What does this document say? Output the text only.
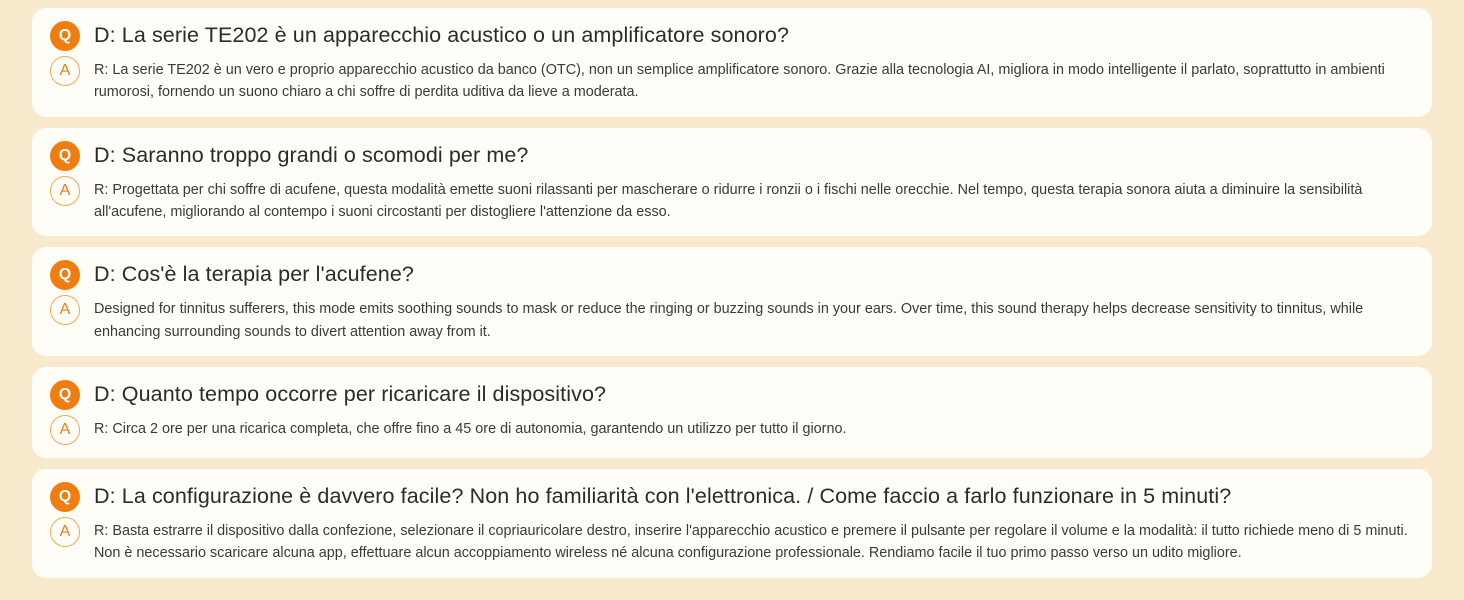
Q	D: La serie TE202 è un apparecchio acustico o un amplificatore sonoro?
A	R: La serie TE202 è un vero e proprio apparecchio acustico da banco (OTC), non un semplice amplificatore sonoro. Grazie alla tecnologia AI, migliora in modo intelligente il parlato, soprattutto in ambienti rumorosi, fornendo un suono chiaro a chi soffre di perdita uditiva da lieve a moderata.
Q	D: Saranno troppo grandi o scomodi per me?
A	R: Progettata per chi soffre di acufene, questa modalità emette suoni rilassanti per mascherare o ridurre i ronzii o i fischi nelle orecchie. Nel tempo, questa terapia sonora aiuta a diminuire la sensibilità all'acufene, migliorando al contempo i suoni circostanti per distogliere l'attenzione da esso.
Q	D: Cos'è la terapia per l'acufene?
A	Designed for tinnitus sufferers, this mode emits soothing sounds to mask or reduce the ringing or buzzing sounds in your ears. Over time, this sound therapy helps decrease sensitivity to tinnitus, while enhancing surrounding sounds to divert attention away from it.
Q	D: Quanto tempo occorre per ricaricare il dispositivo?
A	R: Circa 2 ore per una ricarica completa, che offre fino a 45 ore di autonomia, garantendo un utilizzo per tutto il giorno.
Q	D: La configurazione è davvero facile? Non ho familiarità con l'elettronica. / Come faccio a farlo funzionare in 5 minuti?
A	R: Basta estrarre il dispositivo dalla confezione, selezionare il copriauricolare destro, inserire l'apparecchio acustico e premere il pulsante per regolare il volume e la modalità: il tutto richiede meno di 5 minuti. Non è necessario scaricare alcuna app, effettuare alcun accoppiamento wireless né alcuna configurazione professionale. Rendiamo facile il tuo primo passo verso un udito migliore.
